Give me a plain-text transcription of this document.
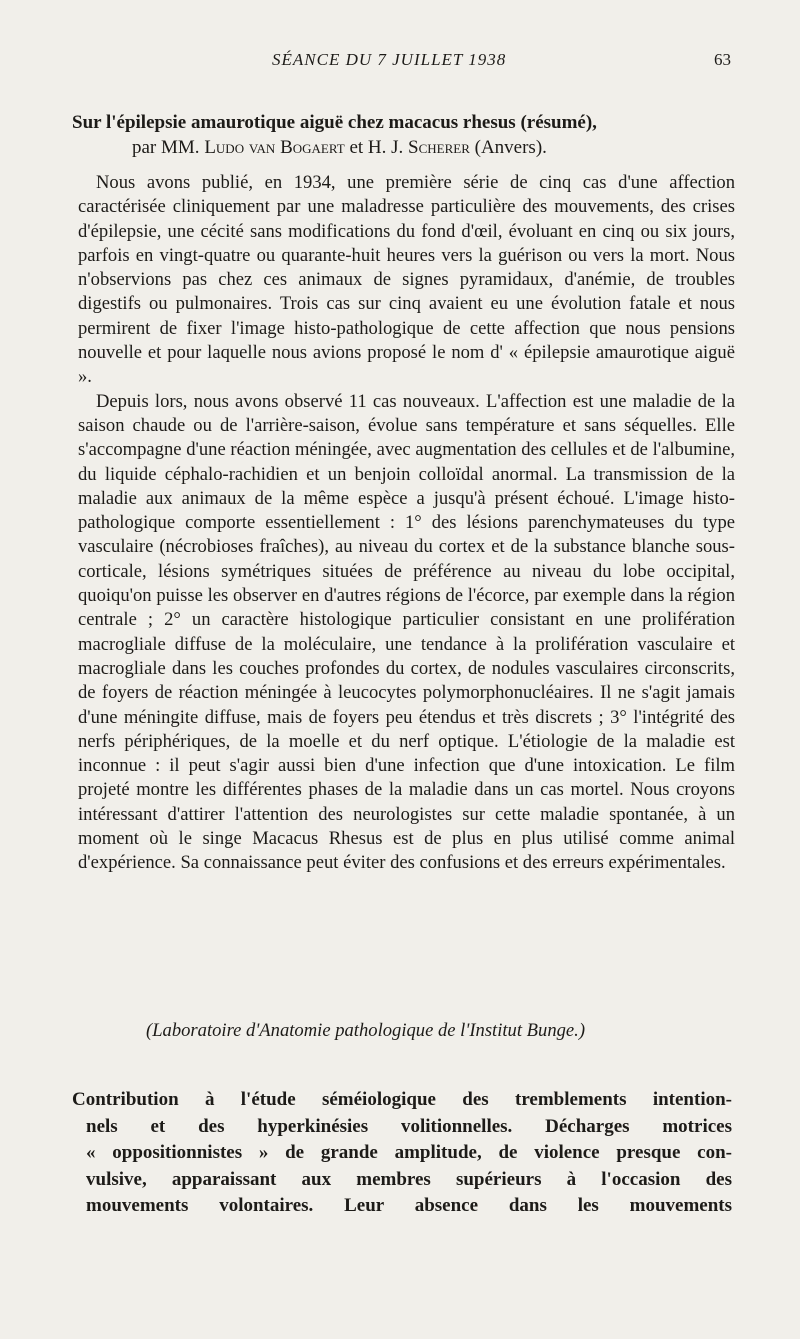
SÉANCE DU 7 JUILLET 1938	63

Sur l'épilepsie amaurotique aiguë chez macacus rhesus (résumé),

par MM. Ludo van Bogaert et H. J. Scherer (Anvers).

Nous avons publié, en 1934, une première série de cinq cas d'une affection caractérisée cliniquement par une maladresse particulière des mouvements, des crises d'épilepsie, une cécité sans modifications du fond d'œil, évoluant en cinq ou six jours, parfois en vingt-quatre ou quarante-huit heures vers la guérison ou vers la mort. Nous n'observions pas chez ces animaux de signes pyramidaux, d'anémie, de troubles digestifs ou pulmonaires. Trois cas sur cinq avaient eu une évolution fatale et nous permirent de fixer l'image histo-pathologique de cette affection que nous pensions nouvelle et pour laquelle nous avions proposé le nom d' « épilepsie amaurotique aiguë ».

Depuis lors, nous avons observé 11 cas nouveaux. L'affection est une maladie de la saison chaude ou de l'arrière-saison, évolue sans température et sans séquelles. Elle s'accompagne d'une réaction méningée, avec augmentation des cellules et de l'albumine, du liquide céphalo-rachidien et un benjoin colloïdal anormal. La transmission de la maladie aux animaux de la même espèce a jusqu'à présent échoué. L'image histo-pathologique comporte essentiellement : 1° des lésions parenchymateuses du type vasculaire (nécrobioses fraîches), au niveau du cortex et de la substance blanche sous-corticale, lésions symétriques situées de préférence au niveau du lobe occipital, quoiqu'on puisse les observer en d'autres régions de l'écorce, par exemple dans la région centrale ; 2° un caractère histologique particulier consistant en une prolifération macrogliale diffuse de la moléculaire, une tendance à la prolifération vasculaire et macrogliale dans les couches profondes du cortex, de nodules vasculaires circonscrits, de foyers de réaction méningée à leucocytes polymorphonucléaires. Il ne s'agit jamais d'une méningite diffuse, mais de foyers peu étendus et très discrets ; 3° l'intégrité des nerfs périphériques, de la moelle et du nerf optique. L'étiologie de la maladie est inconnue : il peut s'agir aussi bien d'une infection que d'une intoxication. Le film projeté montre les différentes phases de la maladie dans un cas mortel. Nous croyons intéressant d'attirer l'attention des neurologistes sur cette maladie spontanée, à un moment où le singe Macacus Rhesus est de plus en plus utilisé comme animal d'expérience. Sa connaissance peut éviter des confusions et des erreurs expérimentales.

(Laboratoire d'Anatomie pathologique de l'Institut Bunge.)
Contribution à l'étude séméiologique des tremblements intention-
nels et des hyperkinésies volitionnelles. Décharges motrices
« oppositionnistes » de grande amplitude, de violence presque con-
vulsive, apparaissant aux membres supérieurs à l'occasion des
mouvements volontaires. Leur absence dans les mouvements
